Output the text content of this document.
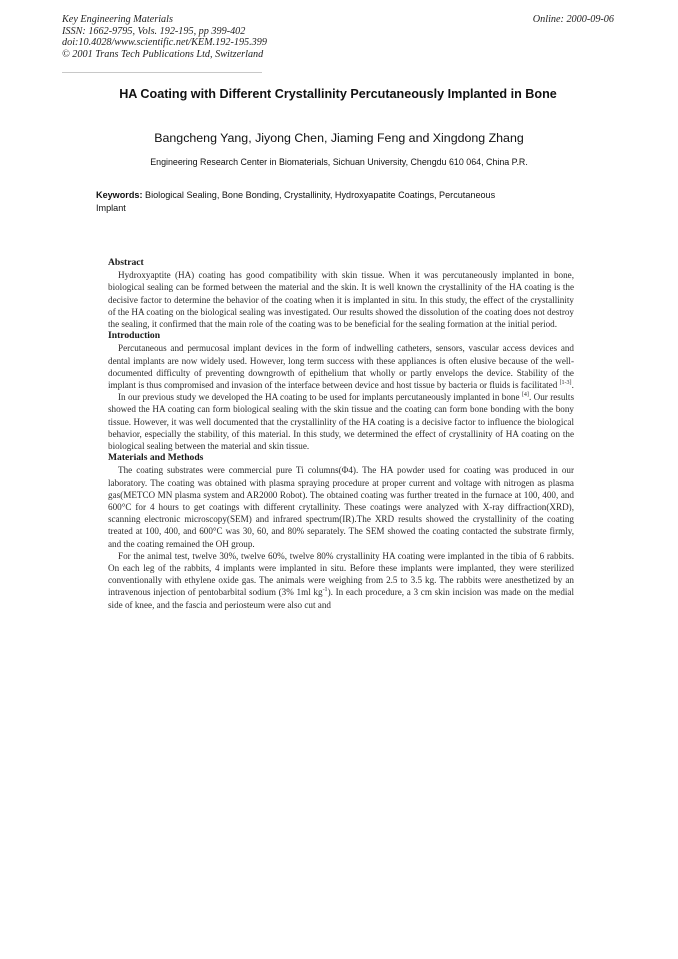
Key Engineering Materials
ISSN: 1662-9795, Vols. 192-195, pp 399-402
doi:10.4028/www.scientific.net/KEM.192-195.399
© 2001 Trans Tech Publications Ltd, Switzerland
Online: 2000-09-06
HA Coating with Different Crystallinity Percutaneously Implanted in Bone
Bangcheng Yang, Jiyong Chen, Jiaming Feng and Xingdong Zhang
Engineering Research Center in Biomaterials, Sichuan University, Chengdu 610 064, China P.R.
Keywords: Biological Sealing, Bone Bonding, Crystallinity, Hydroxyapatite Coatings, Percutaneous Implant
Abstract

Hydroxyaptite (HA) coating has good compatibility with skin tissue. When it was percutaneously implanted in bone, biological sealing can be formed between the material and the skin. It is well known the crystallinity of the HA coating is the decisive factor to determine the behavior of the coating when it is implanted in situ. In this study, the effect of the crystallinity of the HA coating on the biological sealing was investigated. Our results showed the dissolution of the coating does not destroy the sealing, it confirmed that the main role of the coating was to be beneficial for the sealing formation at the initial period.

Introduction

Percutaneous and permucosal implant devices in the form of indwelling catheters, sensors, vascular access devices and dental implants are now widely used. However, long term success with these appliances is often elusive because of the well-documented difficulty of preventing downgrowth of epithelium that wholly or partly envelops the device. Stability of the implant is thus compromised and invasion of the interface between device and host tissue by bacteria or fluids is facilitated [1-3].

In our previous study we developed the HA coating to be used for implants percutaneously implanted in bone [4]. Our results showed the HA coating can form biological sealing with the skin tissue and the coating can form bone bonding with the bony tissue. However, it was well documented that the crystallinlity of the HA coating is a decisive factor to influence the biological behavior, especially the stability, of this material. In this study, we determined the effect of crystallinity of HA coating on the biological sealing between the material and skin tissue.

Materials and Methods

The coating substrates were commercial pure Ti columns(Φ4). The HA powder used for coating was produced in our laboratory. The coating was obtained with plasma spraying procedure at proper current and voltage with nitrogen as plasma gas(METCO MN plasma system and AR2000 Robot). The obtained coating was further treated in the furnace at 100, 400, and 600°C for 4 hours to get coatings with different crytallinity. These coatings were analyzed with X-ray diffraction(XRD), scanning electronic microscopy(SEM) and infrared spectrum(IR).The XRD results showed the crystallinity of the coating treated at 100, 400, and 600°C was 30, 60, and 80% separately. The SEM showed the coating contacted the substrate firmly, and the coating remained the OH group.

For the animal test, twelve 30%, twelve 60%, twelve 80% crystallinity HA coating were implanted in the tibia of 6 rabbits. On each leg of the rabbits, 4 implants were implanted in situ. Before these implants were implanted, they were sterilized conventionally with ethylene oxide gas. The animals were weighing from 2.5 to 3.5 kg. The rabbits were anesthetized by an intravenous injection of pentobarbital sodium (3% 1ml $kg^{-1}$). In each procedure, a 3 cm skin incision was made on the medial side of knee, and the fascia and periosteum were also cut and
